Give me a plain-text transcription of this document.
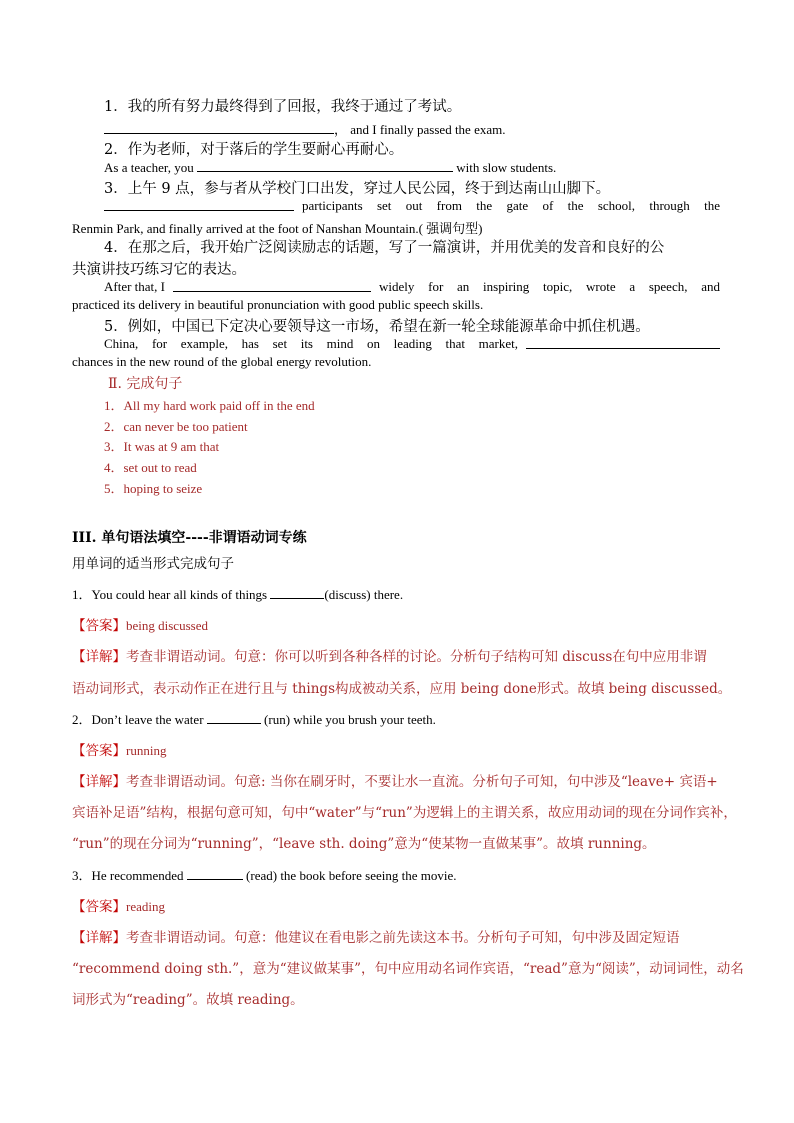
1．我的所有努力最终得到了回报，我终于通过了考试。
， and I finally passed the exam.
2．作为老师，对于落后的学生要耐心再耐心。
As a teacher, you	with slow students.
3．上午 9 点，参与者从学校门口出发，穿过人民公园，终于到达南山山脚下。
participants set out from the gate of the school, through the
Renmin Park, and finally arrived at the foot of Nanshan Mountain.( 强调句型)
4．在那之后，我开始广泛阅读励志的话题，写了一篇演讲，并用优美的发音和良好的公
共演讲技巧练习它的表达。
After that, I	widely for an inspiring topic, wrote a speech, and
practiced its delivery in beautiful pronunciation with good public speech skills.
5．例如，中国已下定决心要领导这一市场，希望在新一轮全球能源革命中抓住机遇。
China, for example, has set its mind on leading that market,
chances in the new round of the global energy revolution.
Ⅱ. 完成句子
1．All my hard work paid off in the end
2．can never be too patient
3．It was at 9 am that
4．set out to read
5．hoping to seize
III. 单句语法填空----非谓语动词专练
用单词的适当形式完成句子
1．You could hear all kinds of things	(discuss) there.
【答案】being discussed
【详解】考查非谓语动词。句意：你可以听到各种各样的讨论。分析句子结构可知 discuss在句中应用非谓
语动词形式，表示动作正在进行且与 things构成被动关系，应用 being done形式。故填 being discussed。
2．Don’t leave the water	(run) while you brush your teeth.
【答案】running
【详解】考查非谓语动词。句意: 当你在刷牙时，不要让水一直流。分析句子可知，句中涉及“leave+ 宾语+
宾语补足语”结构，根据句意可知，句中“water”与“run”为逻辑上的主谓关系，故应用动词的现在分词作宾补，
“run”的现在分词为“running”，“leave sth. doing”意为“使某物一直做某事”。故填 running。
3．He recommended	(read) the book before seeing the movie.
【答案】reading
【详解】考查非谓语动词。句意：他建议在看电影之前先读这本书。分析句子可知，句中涉及固定短语
“recommend doing sth.”，意为“建议做某事”，句中应用动名词作宾语，“read”意为“阅读”，动词词性，动名
词形式为“reading”。故填 reading。
